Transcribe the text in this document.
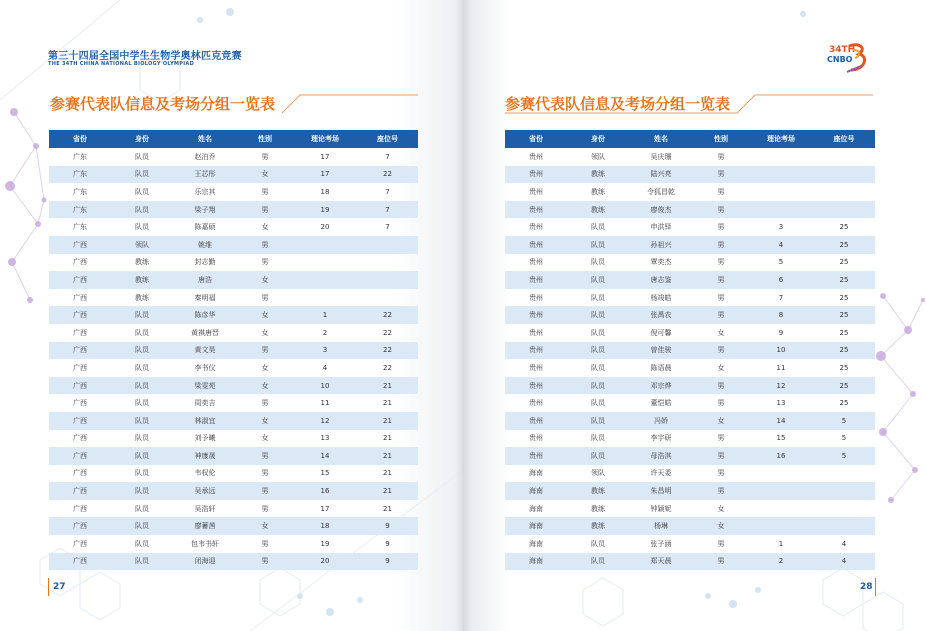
第三十四届全国中学生生物学奥林匹克竞赛
THE 34TH CHINA NATIONAL BIOLOGY OLYMPIAD
参赛代表队信息及考场分组一览表
省份	身份	姓名	性别	理论考场	座位号
广东	队员	赵泊乔	男	17	7
广东	队员	王芯彤	女	17	22
广东	队员	乐宗其	男	18	7
广东	队员	梁子翔	男	19	7
广东	队员	陈嘉硕	女	20	7
广西	领队	姚维	男		
广西	教练	封志勤	男		
广西	教练	唐浩	女		
广西	教练	秦明福	男		
广西	队员	陈彦华	女	1	22
广西	队员	黄祺唐晋	女	2	22
广西	队员	黄文昊	男	3	22
广西	队员	李书仪	女	4	22
广西	队员	梁雯苑	女	10	21
广西	队员	周奕吉	男	11	21
广西	队员	林淑宜	女	12	21
广西	队员	刘予曦	女	13	21
广西	队员	神康晟	男	14	21
广西	队员	韦权伦	男	15	21
广西	队员	吴承远	男	16	21
广西	队员	吴浩轩	男	17	21
广西	队员	廖蓄茜	女	18	9
广西	队员	包韦书轩	男	19	9
广西	队员	闭海迎	男	20	9
27
参赛代表队信息及考场分组一览表
省份	身份	姓名	性别	理论考场	座位号
贵州	领队	吴庆珊	男		
贵州	教练	陆兴亮	男		
贵州	教练	令狐昌乾	男		
贵州	教练	廖俊杰	男		
贵州	队员	申洪铎	男	3	25
贵州	队员	孙祖兴	男	4	25
贵州	队员	覃奕杰	男	5	25
贵州	队员	唐志鉴	男	6	25
贵州	队员	杨竣皓	男	7	25
贵州	队员	张禹农	男	8	25
贵州	队员	倪可馨	女	9	25
贵州	队员	曾佳骏	男	10	25
贵州	队员	陈语晨	女	11	25
贵州	队员	邓宗烨	男	12	25
贵州	队员	董恺皓	男	13	25
贵州	队员	冯娇	女	14	5
贵州	队员	李宇研	男	15	5
贵州	队员	母浩淇	男	16	5
海南	领队	许天委	男		
海南	教练	朱昌明	男		
海南	教练	钟颖妮	女		
海南	教练	杨琳	女		
海南	队员	张子涵	男	1	4
海南	队员	郑天晨	男	2	4
28
34TH
CNBO
